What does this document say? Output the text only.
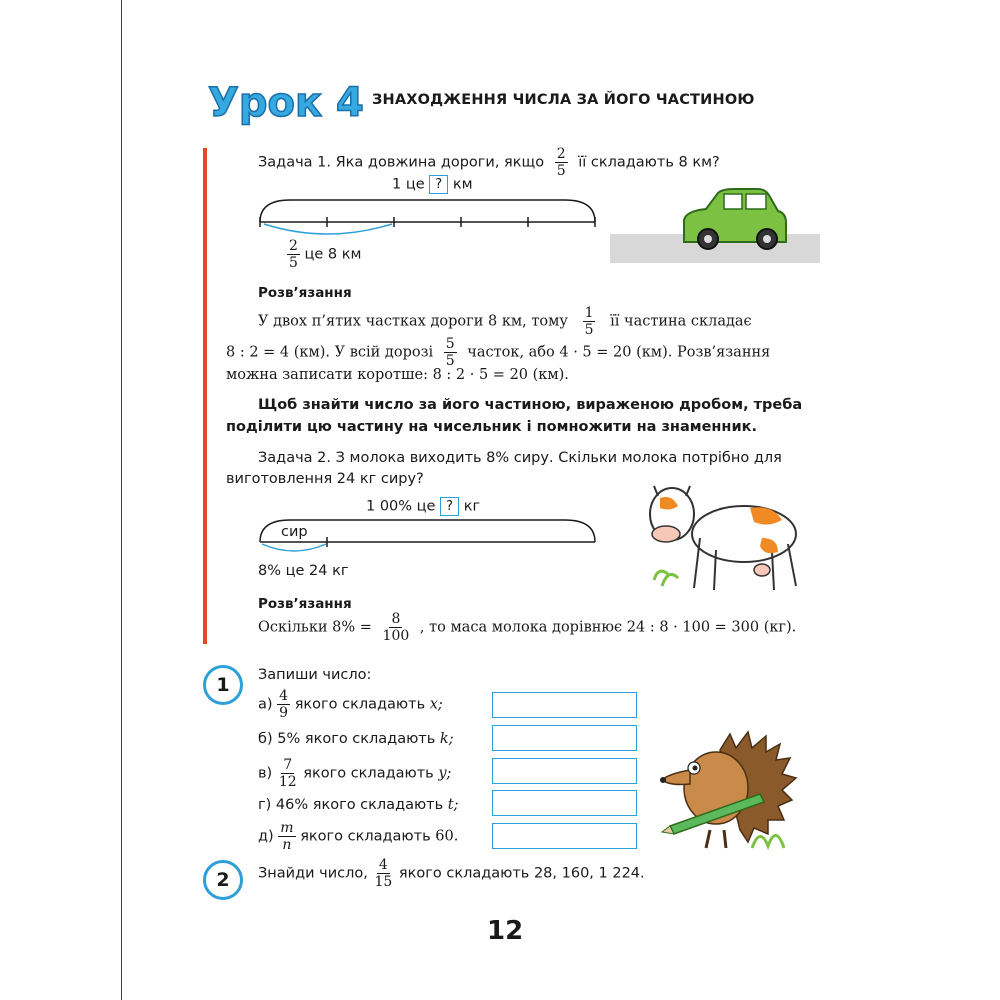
Урок 4 ЗНАХОДЖЕННЯ ЧИСЛА ЗА ЙОГО ЧАСТИНОЮ
Задача 1. Яка довжина дороги, якщо $\frac{2}{5}$ її складають 8 км?
1 це ? км
$\frac{2}{5}$ це 8 км
Розв’язання
У двох п’ятих частках дороги 8 км, тому $\frac{1}{5}$ її частина складає
8 : 2 = 4 (км). У всій дорозі $\frac{5}{5}$ часток, або 4 · 5 = 20 (км). Розв’язання
можна записати коротше: 8 : 2 · 5 = 20 (км).
Щоб знайти число за його частиною, вираженою дробом, треба
поділити цю частину на чисельник і помножити на знаменник.
Задача 2. З молока виходить 8% сиру. Скільки молока потрібно для
виготовлення 24 кг сиру?
1 00% це ? кг
сир
8% це 24 кг
Розв’язання
Оскільки $8\% = \frac{8}{100}$ , то маса молока дорівнює 24 : 8 · 100 = 300 (кг).
1	Запиши число:
$а) \frac{4}{9}$ якого складають x;
б) 5% якого складають k;
$в) \frac{7}{12}$ якого складають y;
г) 46% якого складають t;
$д) \frac{m}{n}$ якого складають 60.
2	Знайди число, $\frac{4}{15}$ якого складають 28, 160, 1 224.
12
